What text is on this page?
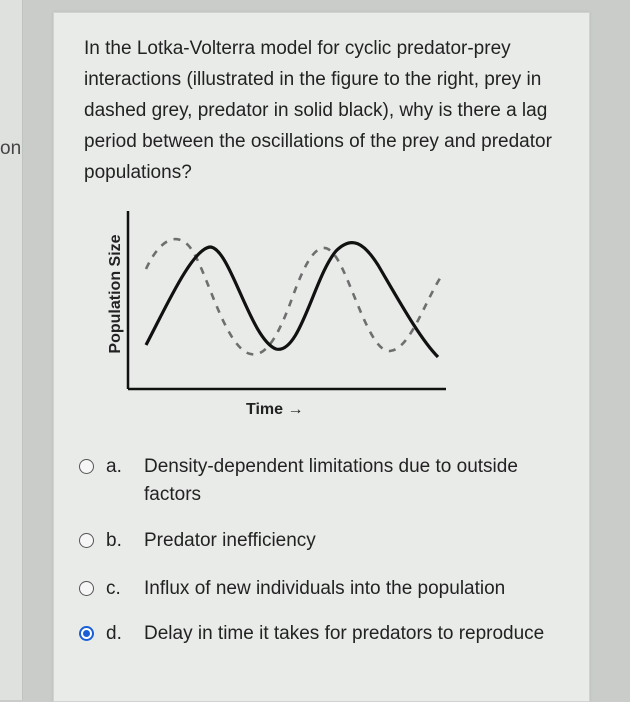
on
In the Lotka-Volterra model for cyclic predator-prey interactions (illustrated in the figure to the right, prey in dashed grey, predator in solid black), why is there a lag period between the oscillations of the prey and predator populations?
Population Size
Time →
a.	Density-dependent limitations due to outside factors
b.	Predator inefficiency
c.	Influx of new individuals into the population
d.	Delay in time it takes for predators to reproduce
